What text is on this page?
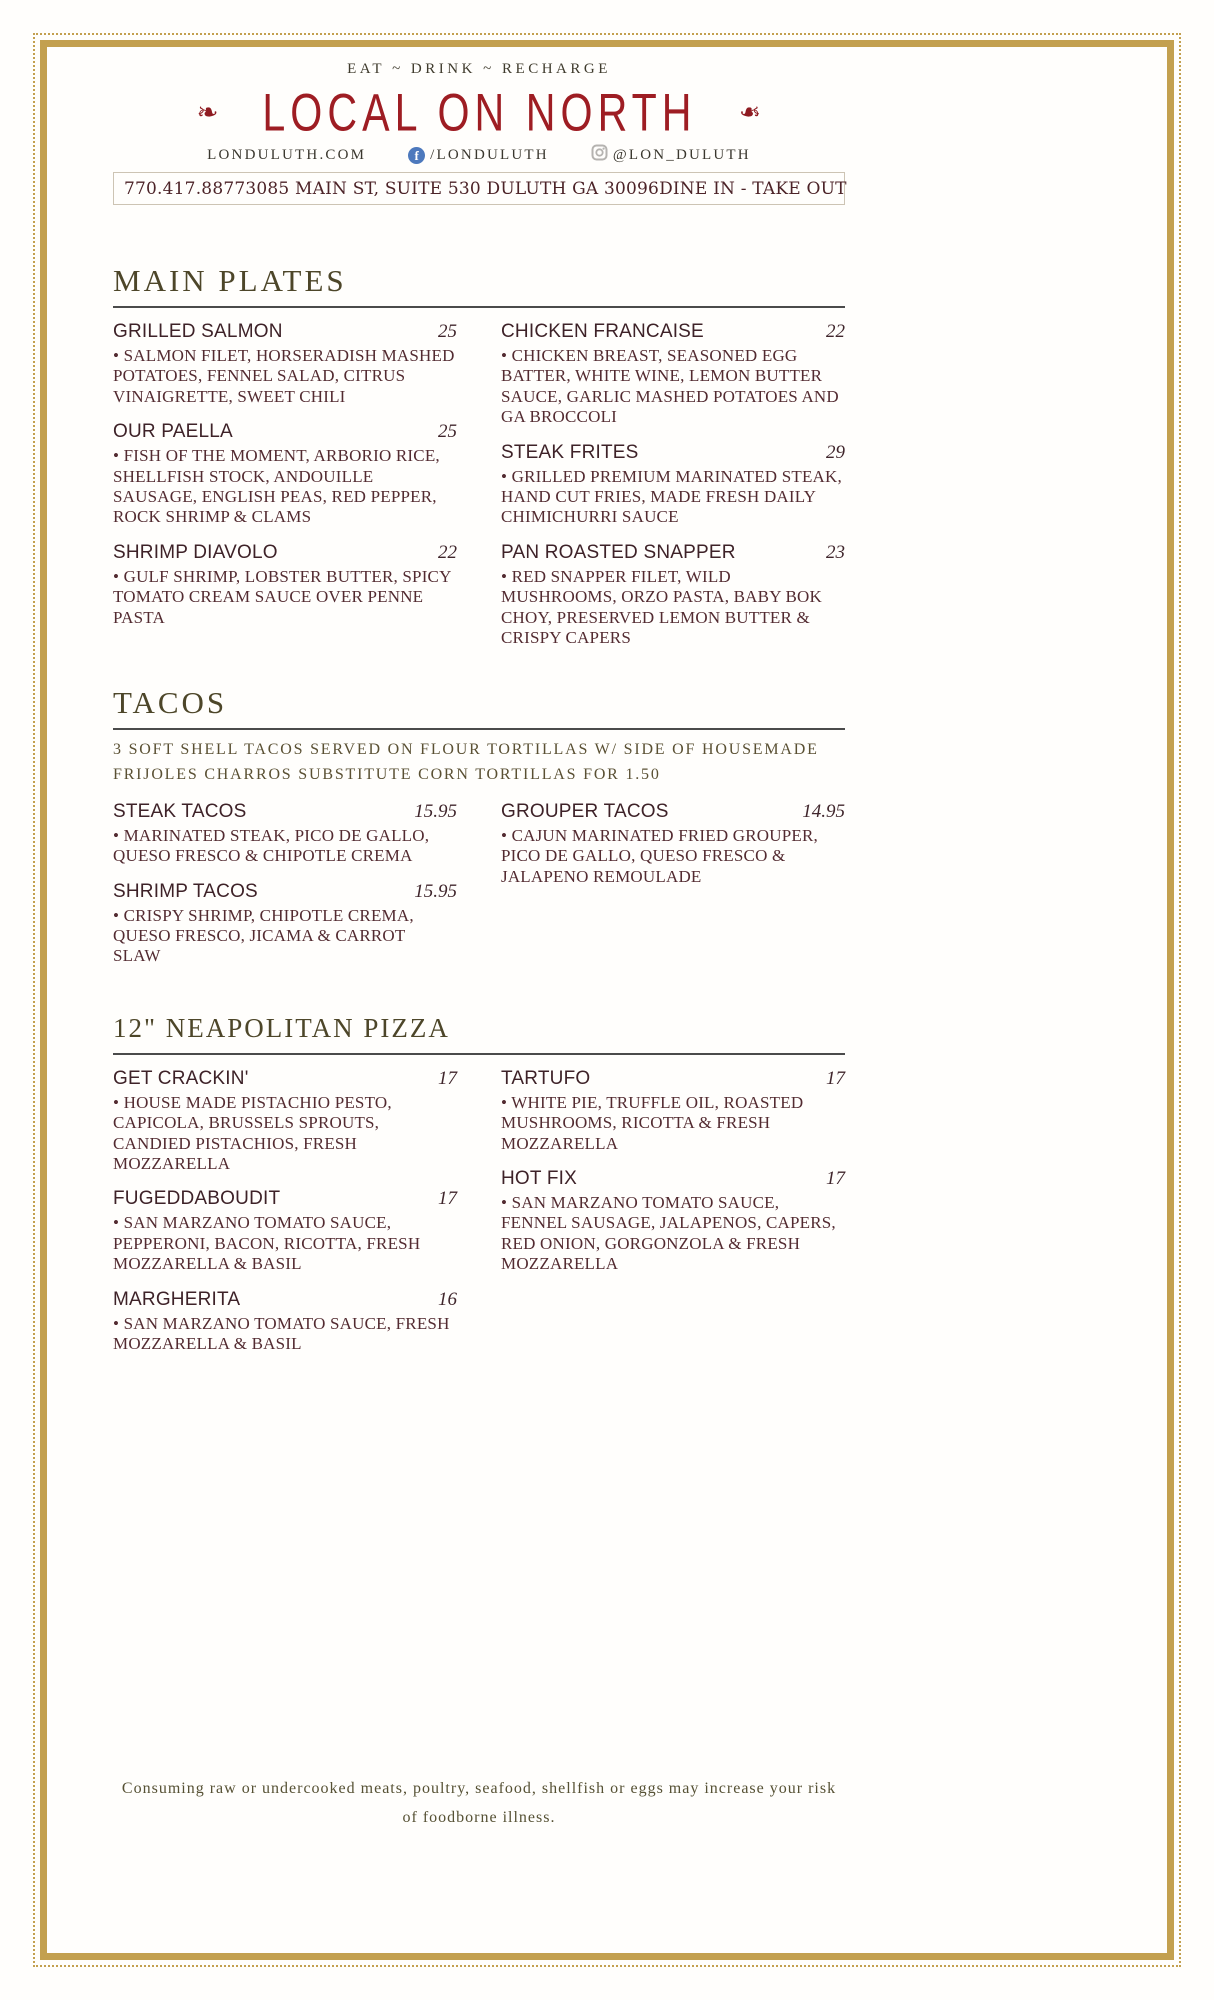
EAT ~ DRINK ~ RECHARGE
❧ LOCAL ON NORTH ❧
LONDULUTH.COM	f /LONDULUTH	@LON_DULUTH
770.417.8877 3085 MAIN ST, SUITE 530 DULUTH GA 30096 DINE IN - TAKE OUT
MAIN PLATES
GRILLED SALMON	25
• SALMON FILET, HORSERADISH MASHED POTATOES, FENNEL SALAD, CITRUS VINAIGRETTE, SWEET CHILI
OUR PAELLA	25
• FISH OF THE MOMENT, ARBORIO RICE, SHELLFISH STOCK, ANDOUILLE SAUSAGE, ENGLISH PEAS, RED PEPPER, ROCK SHRIMP & CLAMS
SHRIMP DIAVOLO	22
• GULF SHRIMP, LOBSTER BUTTER, SPICY TOMATO CREAM SAUCE OVER PENNE PASTA
CHICKEN FRANCAISE	22
• CHICKEN BREAST, SEASONED EGG BATTER, WHITE WINE, LEMON BUTTER SAUCE, GARLIC MASHED POTATOES AND GA BROCCOLI
STEAK FRITES	29
• GRILLED PREMIUM MARINATED STEAK, HAND CUT FRIES, MADE FRESH DAILY CHIMICHURRI SAUCE
PAN ROASTED SNAPPER	23
• RED SNAPPER FILET, WILD MUSHROOMS, ORZO PASTA, BABY BOK CHOY, PRESERVED LEMON BUTTER & CRISPY CAPERS
TACOS
3 SOFT SHELL TACOS SERVED ON FLOUR TORTILLAS W/ SIDE OF HOUSEMADE FRIJOLES CHARROS SUBSTITUTE CORN TORTILLAS FOR 1.50
STEAK TACOS	15.95
• MARINATED STEAK, PICO DE GALLO, QUESO FRESCO & CHIPOTLE CREMA
SHRIMP TACOS	15.95
• CRISPY SHRIMP, CHIPOTLE CREMA, QUESO FRESCO, JICAMA & CARROT SLAW
GROUPER TACOS	14.95
• CAJUN MARINATED FRIED GROUPER, PICO DE GALLO, QUESO FRESCO & JALAPENO REMOULADE
12" NEAPOLITAN PIZZA
GET CRACKIN'	17
• HOUSE MADE PISTACHIO PESTO, CAPICOLA, BRUSSELS SPROUTS, CANDIED PISTACHIOS, FRESH MOZZARELLA
FUGEDDABOUDIT	17
• SAN MARZANO TOMATO SAUCE, PEPPERONI, BACON, RICOTTA, FRESH MOZZARELLA & BASIL
MARGHERITA	16
• SAN MARZANO TOMATO SAUCE, FRESH MOZZARELLA & BASIL
TARTUFO	17
• WHITE PIE, TRUFFLE OIL, ROASTED MUSHROOMS, RICOTTA & FRESH MOZZARELLA
HOT FIX	17
• SAN MARZANO TOMATO SAUCE, FENNEL SAUSAGE, JALAPENOS, CAPERS, RED ONION, GORGONZOLA & FRESH MOZZARELLA
Consuming raw or undercooked meats, poultry, seafood, shellfish or eggs may increase your risk of foodborne illness.
